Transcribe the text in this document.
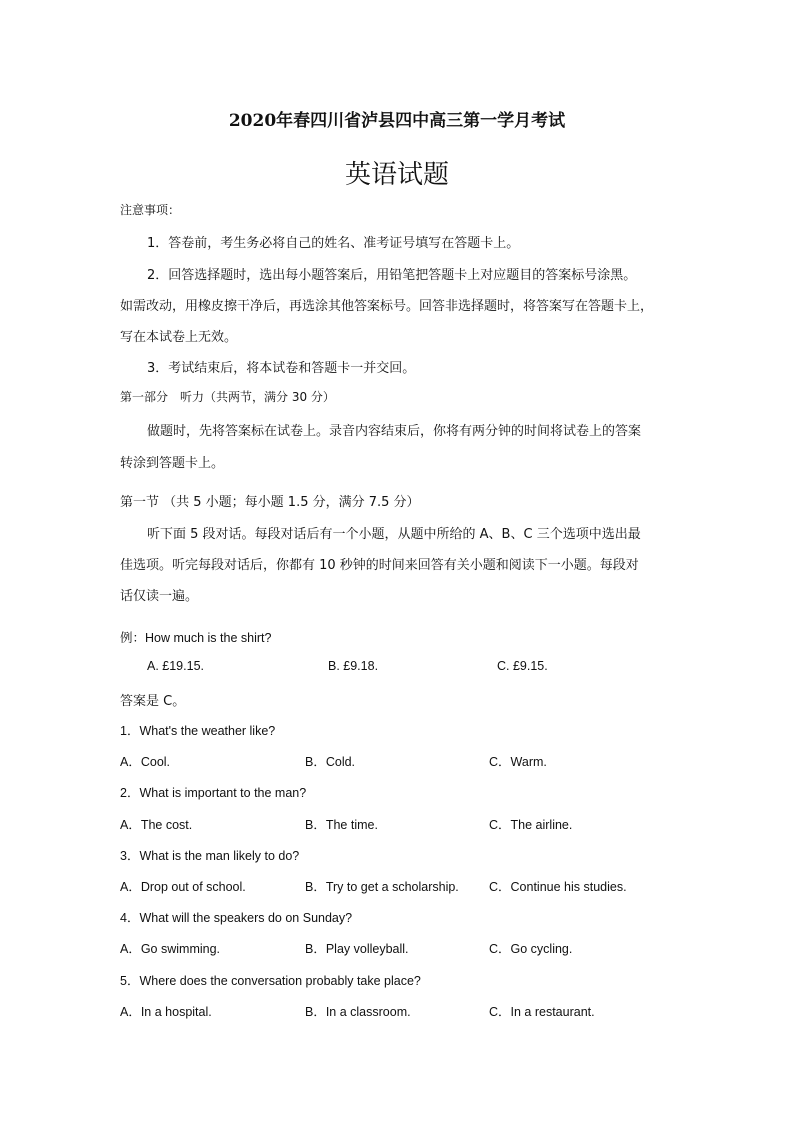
2020年春四川省泸县四中高三第一学月考试
英语试题
注意事项：
1．答卷前，考生务必将自己的姓名、准考证号填写在答题卡上。
2．回答选择题时，选出每小题答案后，用铅笔把答题卡上对应题目的答案标号涂黑。
如需改动，用橡皮擦干净后，再选涂其他答案标号。回答非选择题时，将答案写在答题卡上，
写在本试卷上无效。
3．考试结束后，将本试卷和答题卡一并交回。
第一部分　听力（共两节，满分 30 分）
做题时，先将答案标在试卷上。录音内容结束后，你将有两分钟的时间将试卷上的答案
转涂到答题卡上。
第一节 （共 5 小题；每小题 1.5 分，满分 7.5 分）
听下面 5 段对话。每段对话后有一个小题，从题中所给的 A、B、C 三个选项中选出最
佳选项。听完每段对话后，你都有 10 秒钟的时间来回答有关小题和阅读下一小题。每段对
话仅读一遍。
例：How much is the shirt?
A. £19.15.	B. £9.18.	C. £9.15.
答案是 C。
1．What's the weather like?
A．Cool.	B．Cold.	C．Warm.
2．What is important to the man?
A．The cost.	B．The time.	C．The airline.
3．What is the man likely to do?
A．Drop out of school.	B．Try to get a scholarship. C．Continue his studies.
4．What will the speakers do on Sunday?
A．Go swimming.	B．Play volleyball.	C．Go cycling.
5．Where does the conversation probably take place?
A．In a hospital.	B．In a classroom.	C．In a restaurant.
